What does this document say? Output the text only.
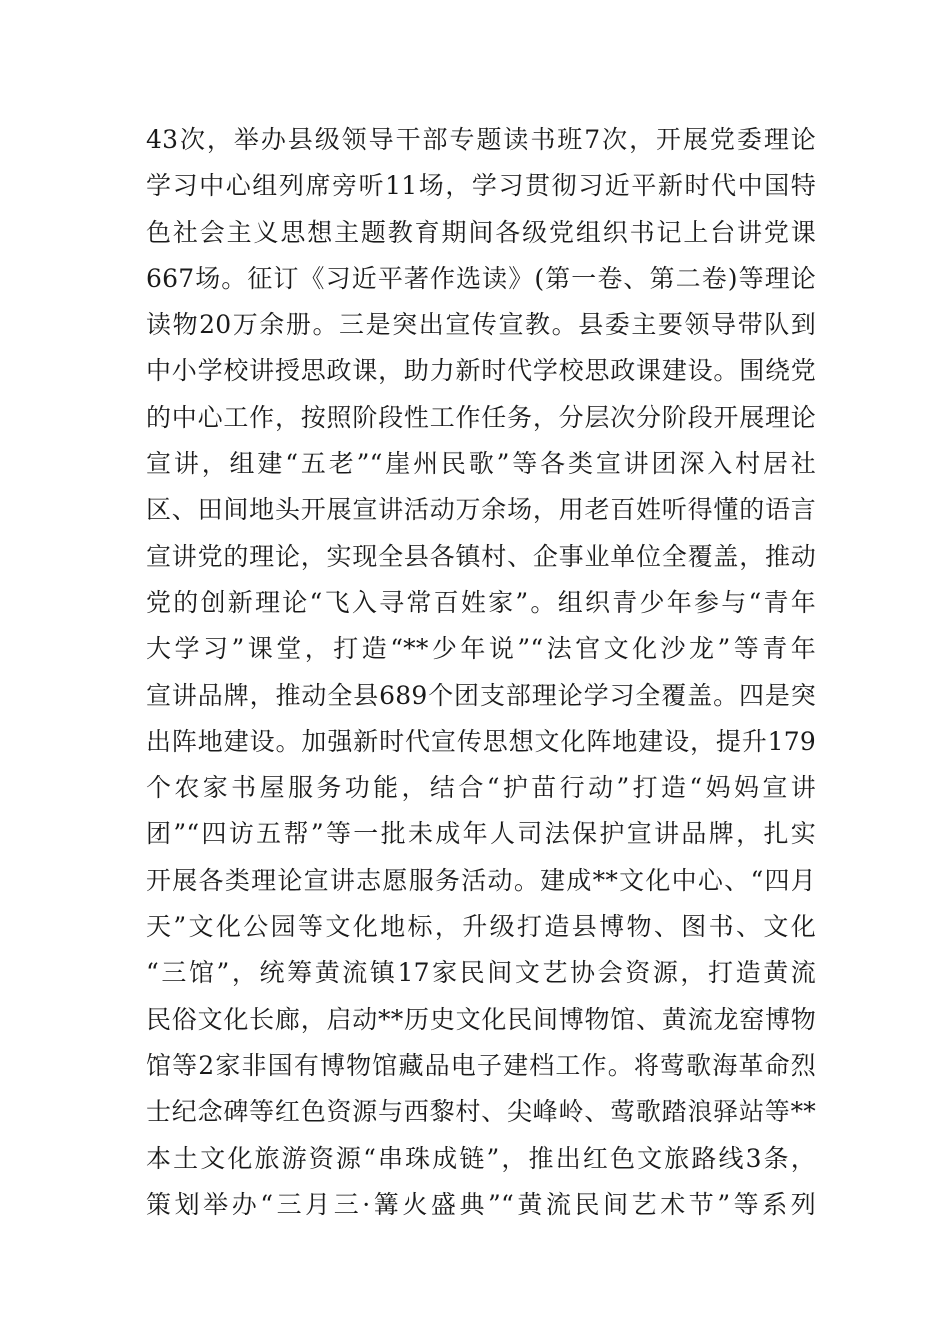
43次，举办县级领导干部专题读书班7次，开展党委理论
学习中心组列席旁听11场，学习贯彻习近平新时代中国特
色社会主义思想主题教育期间各级党组织书记上台讲党课
667场。征订《习近平著作选读》(第一卷、第二卷)等理论
读物20万余册。三是突出宣传宣教。县委主要领导带队到
中小学校讲授思政课，助力新时代学校思政课建设。围绕党
的中心工作，按照阶段性工作任务，分层次分阶段开展理论
宣讲，组建“五老”“崖州民歌”等各类宣讲团深入村居社
区、田间地头开展宣讲活动万余场，用老百姓听得懂的语言
宣讲党的理论，实现全县各镇村、企事业单位全覆盖，推动
党的创新理论“飞入寻常百姓家”。组织青少年参与“青年
大学习”课堂，打造“**少年说”“法官文化沙龙”等青年
宣讲品牌，推动全县689个团支部理论学习全覆盖。四是突
出阵地建设。加强新时代宣传思想文化阵地建设，提升179
个农家书屋服务功能，结合“护苗行动”打造“妈妈宣讲
团”“四访五帮”等一批未成年人司法保护宣讲品牌，扎实
开展各类理论宣讲志愿服务活动。建成**文化中心、“四月
天”文化公园等文化地标，升级打造县博物、图书、文化
“三馆”，统筹黄流镇17家民间文艺协会资源，打造黄流
民俗文化长廊，启动**历史文化民间博物馆、黄流龙窑博物
馆等2家非国有博物馆藏品电子建档工作。将莺歌海革命烈
士纪念碑等红色资源与西黎村、尖峰岭、莺歌踏浪驿站等**
本土文化旅游资源“串珠成链”，推出红色文旅路线3条，
策划举办“三月三·篝火盛典”“黄流民间艺术节”等系列
